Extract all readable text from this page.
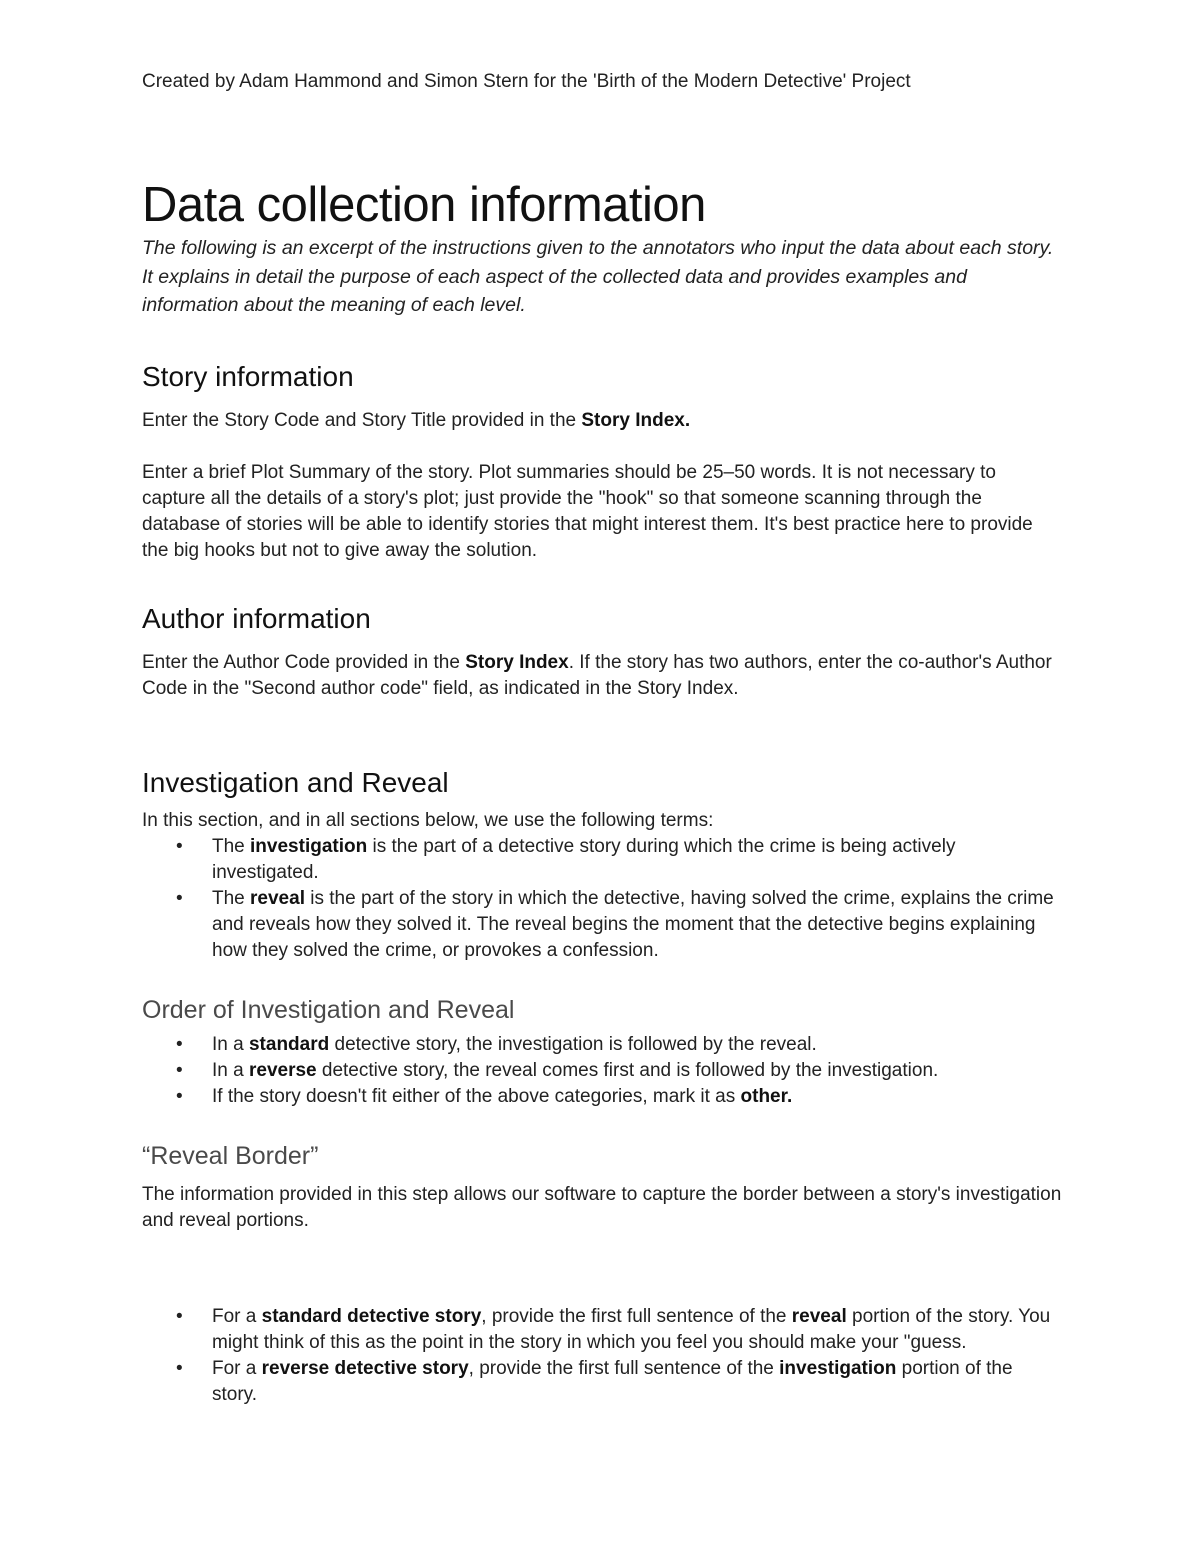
Created by Adam Hammond and Simon Stern for the 'Birth of the Modern Detective' Project

Data collection information

The following is an excerpt of the instructions given to the annotators who input the data about each story. It explains in detail the purpose of each aspect of the collected data and provides examples and information about the meaning of each level.

Story information

Enter the Story Code and Story Title provided in the Story Index.

Enter a brief Plot Summary of the story. Plot summaries should be 25–50 words. It is not necessary to capture all the details of a story's plot; just provide the "hook" so that someone scanning through the database of stories will be able to identify stories that might interest them. It's best practice here to provide the big hooks but not to give away the solution.

Author information

Enter the Author Code provided in the Story Index. If the story has two authors, enter the co-author's Author Code in the "Second author code" field, as indicated in the Story Index.

Investigation and Reveal

In this section, and in all sections below, we use the following terms:

• The investigation is the part of a detective story during which the crime is being actively investigated.
• The reveal is the part of the story in which the detective, having solved the crime, explains the crime and reveals how they solved it. The reveal begins the moment that the detective begins explaining how they solved the crime, or provokes a confession.
Order of Investigation and Reveal
• In a standard detective story, the investigation is followed by the reveal.
• In a reverse detective story, the reveal comes first and is followed by the investigation.
• If the story doesn't fit either of the above categories, mark it as other.
“Reveal Border”

The information provided in this step allows our software to capture the border between a story's investigation and reveal portions.

• For a standard detective story, provide the first full sentence of the reveal portion of the story. You might think of this as the point in the story in which you feel you should make your "guess.
• For a reverse detective story, provide the first full sentence of the investigation portion of the story.
